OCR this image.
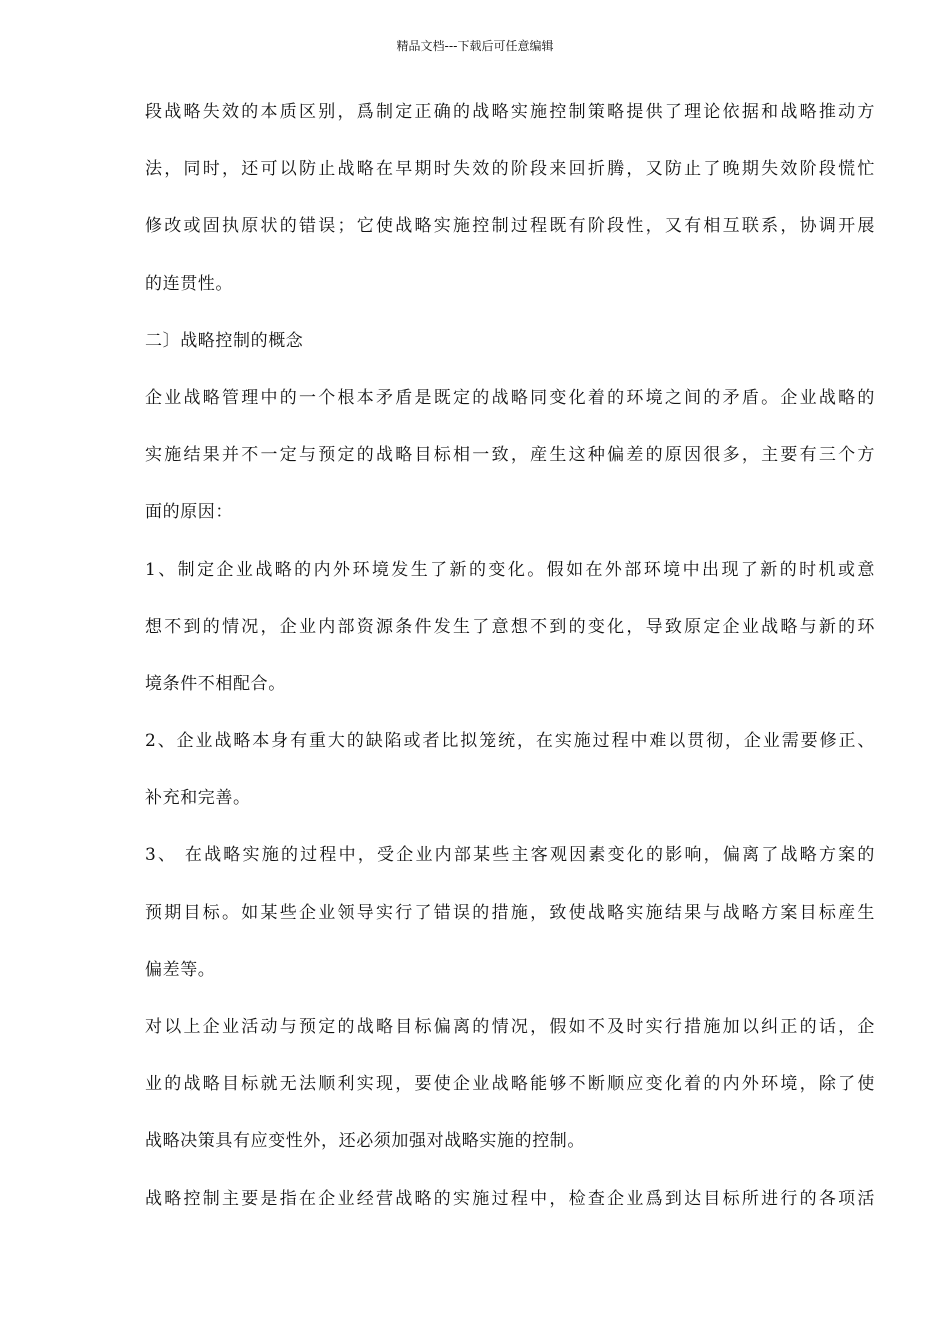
精品文档---下载后可任意编辑
段战略失效的本质区别，爲制定正确的战略实施控制策略提供了理论依据和战略推动方
法，同时，还可以防止战略在早期时失效的阶段来回折腾，又防止了晚期失效阶段慌忙
修改或固执原状的错误；它使战略实施控制过程既有阶段性，又有相互联系，协调开展
的连贯性。
二〕战略控制的概念
企业战略管理中的一个根本矛盾是既定的战略同变化着的环境之间的矛盾。企业战略的
实施结果并不一定与预定的战略目标相一致，産生这种偏差的原因很多，主要有三个方
面的原因：
1、制定企业战略的内外环境发生了新的变化。假如在外部环境中出现了新的时机或意
想不到的情况，企业内部资源条件发生了意想不到的变化，导致原定企业战略与新的环
境条件不相配合。
2、企业战略本身有重大的缺陷或者比拟笼统，在实施过程中难以贯彻，企业需要修正、
补充和完善。
3、 在战略实施的过程中，受企业内部某些主客观因素变化的影响，偏离了战略方案的
预期目标。如某些企业领导实行了错误的措施，致使战略实施结果与战略方案目标産生
偏差等。
对以上企业活动与预定的战略目标偏离的情况，假如不及时实行措施加以纠正的话，企
业的战略目标就无法顺利实现，要使企业战略能够不断顺应变化着的内外环境，除了使
战略决策具有应变性外，还必须加强对战略实施的控制。
战略控制主要是指在企业经营战略的实施过程中，检查企业爲到达目标所进行的各项活
